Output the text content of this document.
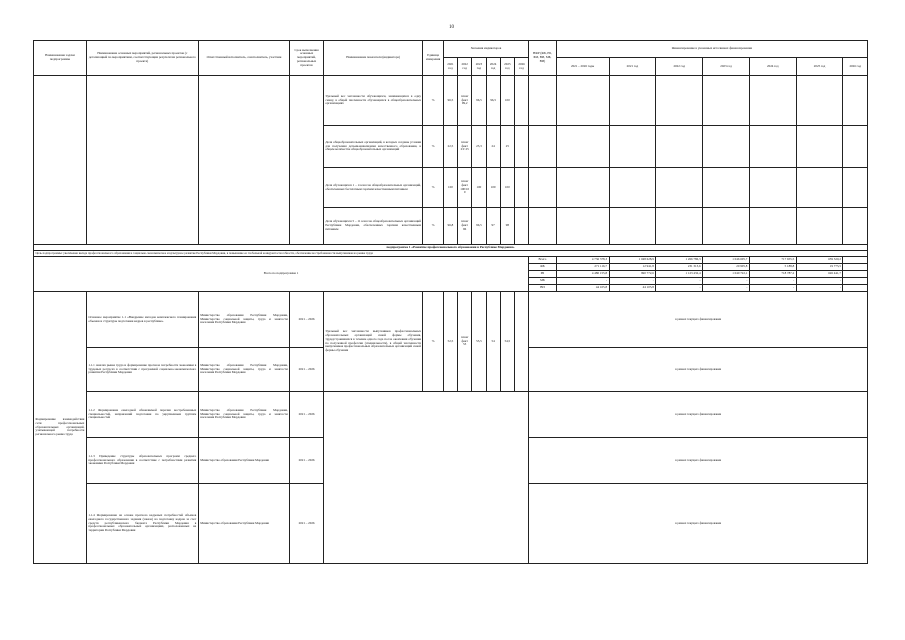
10
Наименование задачи подпрограммы	Наименование основных мероприятий, региональных проектов (с детализацией по мероприятиям, соответствующим результатам регионального проекта)	Ответственный исполнитель, соисполнитель, участник	Срок выполнения основных мероприятий, региональных проектов	Наименование показателя (индикатора)	Единица измерения	Значения индикаторов						НФР (ФБ, РБ, БМ, ВИ, МБ, ВИ)	Финансирование в указанных источниках финансирования						
						2021 год	2022 год	2023 год	2024 год	2025 год	2026 год		2021 – 2026 годы	2021 год	2022 год	2023 год	2024 год	2025 год	2026 год
				Удельный вес численности обучающихся, занимающихся в одну смену, в общей численности обучающихся в общеобразовательных организациях	%	96,5	план/ факт 99,2	96,5	96,5	100									
				Доля общеобразовательных организаций, в которых созданы условия для получения детьми-инвалидами качественного образования, в общем количестве общеобразовательных организаций	%	22,5	план/ факт 23/ 25	23,3	24	25									
				Доля обучающихся 1 – 4 классов общеобразовательных организаций, обеспеченных бесплатным горячим качественным питанием	%	100	план/ факт 100/100	100	100	100									
				Доля обучающихся 5 – 11 классов общеобразовательных организаций Республики Мордовия, обеспеченных горячим качественным питанием	%	96,8	план/ факт 96	96,5	97	98									
подпрограмма 1 «Развитие профессионального образования в Республике Мордовия»																			
Цель подпрограммы: увеличение вклада профессионального образования в социально-экономическое и культурное развитие Республики Мордовия, в повышение ее глобальной конкурентоспособности, обеспечение востребованности выпускников на рынке труда																			
Всего по подпрограмме 1												Всего	4 736 378,3	1 048 628,9	1 266 786,3	1 046 605,7	717 655,5	659 320,2	
												ФБ	271 116,7	12 941,8	231 313,6	20 905,8	5 188,8	19 775,5	
												РБ	4 480 155,8	990 772,6	1 123 432,4	1 040 722,1	718 787,2	626 441,7	
												МБ	-	-	-	-	-	-	
												ВИ	44 105,8	44 105,8	-	-	-	-	
Формирование взаимодействия сети профессиональных образовательных организаций, учитывающей потребности регионального рынка труда	Основное мероприятие 1.1 «Внедрение методов комплексного планирования объемов и структуры подготовки кадров в республике»	Министерство образования Республики Мордовия, Министерство социальной защиты, труда и занятости населения Республики Мордовия	2021 – 2026	Удельный вес численности выпускников профессиональных образовательных организаций очной формы обучения, трудоустроившихся в течение одного года после окончания обучения по полученной профессии (специальности), в общей численности выпускников профессиональных образовательных организаций очной формы обучения	%	52,5	план/ факт 53	53,5	54	54,5		в рамках текущего финансирования							
	1.1.1 Анализ рынка труда и формирование прогноза потребности экономики в трудовых ресурсах в соответствии с программой социально-экономического развития Республики Мордовия	Министерство образования Республики Мордовия, Министерство социальной защиты, труда и занятости населения Республики Мордовия	2021 – 2026									в рамках текущего финансирования							
	1.1.2 Формирование ежегодной обновляемой перечня востребованных специальностей, направлений подготовки по укрупненным группам специальностей	Министерство образования Республики Мордовия, Министерство социальной защиты, труда и занятости населения Республики Мордовия	2021 – 2026									в рамках текущего финансирования							
	1.1.3 Приведение структуры образовательных программ среднего профессионального образования в соответствие с потребностями развития экономики Республики Мордовия	Министерство образования Республики Мордовия	2021 – 2026									в рамках текущего финансирования							
	1.1.4 Формирование на основе прогноза кадровых потребностей объемов ежегодного государственного задания (заказа) на подготовку кадров за счет средств республиканского бюджета Республики Мордовия в профессиональных образовательных организациях, расположенных на территории Республики Мордовия	Министерство образования Республики Мордовия	2021 – 2026									в рамках текущего финансирования							
